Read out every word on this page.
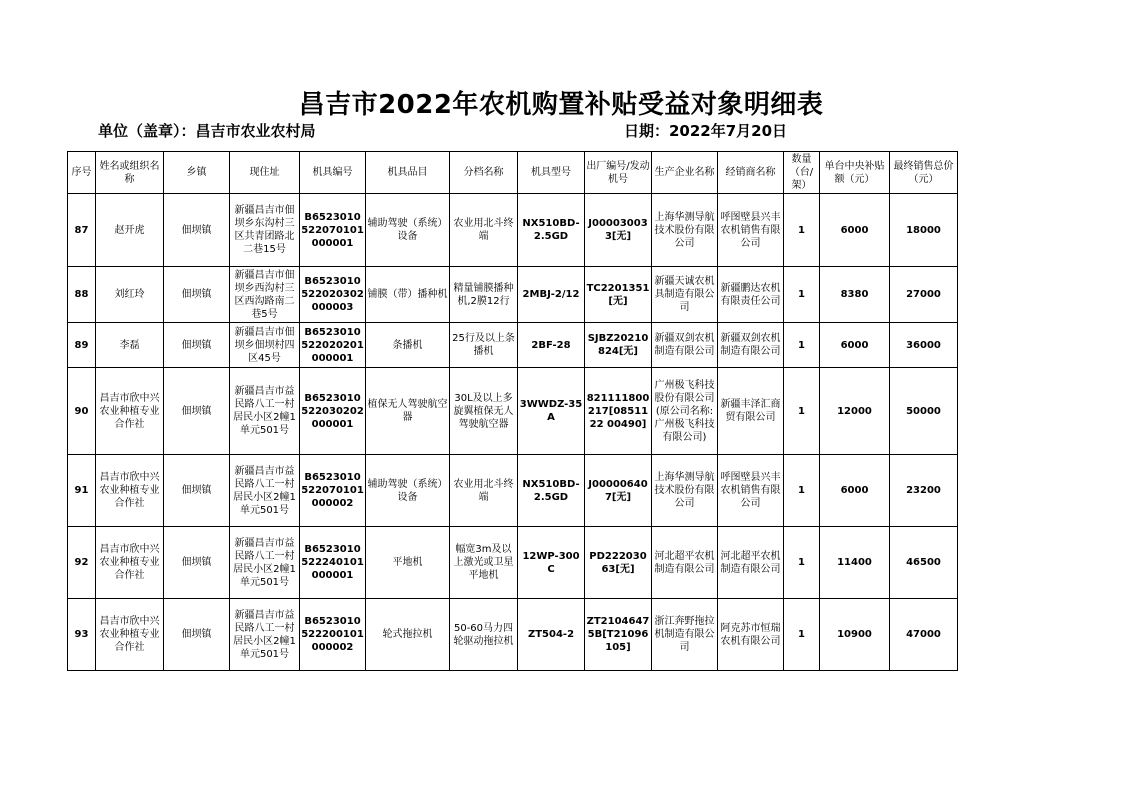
昌吉市2022年农机购置补贴受益对象明细表
单位（盖章）：昌吉市农业农村局	日期：2022年7月20日
序号	姓名或组织名称	乡镇	现住址	机具编号	机具品目	分档名称	机具型号	出厂编号/发动机号	生产企业名称	经销商名称	数量（台/架）	单台中央补贴额（元）	最终销售总价（元）
87	赵开虎	佃坝镇	新疆昌吉市佃坝乡东沟村三区共青团路北二巷15号	B6523010522070101000001	辅助驾驶（系统）设备	农业用北斗终端	NX510BD-2.5GD	J000030033[无]	上海华测导航技术股份有限公司	呼图壁县兴丰农机销售有限公司	1	6000	18000
88	刘红玲	佃坝镇	新疆昌吉市佃坝乡西沟村三区西沟路南二巷5号	B6523010522020302000003	铺膜（带）播种机	精量铺膜播种机,2膜12行	2MBJ-2/12	TC2201351[无]	新疆天诚农机具制造有限公司	新疆鹏达农机有限责任公司	1	8380	27000
89	李磊	佃坝镇	新疆昌吉市佃坝乡佃坝村四区45号	B6523010522020201000001	条播机	25行及以上条播机	2BF-28	SJBZ20210824[无]	新疆双剑农机制造有限公司	新疆双剑农机制造有限公司	1	6000	36000
90	昌吉市欣中兴农业种植专业合作社	佃坝镇	新疆昌吉市益民路八工一村居民小区2幢1单元501号	B6523010522030202000001	植保无人驾驶航空器	30L及以上多旋翼植保无人驾驶航空器	3WWDZ-35A	821111800217[0851122 00490]	广州极飞科技股份有限公司(原公司名称:广州极飞科技有限公司)	新疆丰泽汇商贸有限公司	1	12000	50000
91	昌吉市欣中兴农业种植专业合作社	佃坝镇	新疆昌吉市益民路八工一村居民小区2幢1单元501号	B6523010522070101000002	辅助驾驶（系统）设备	农业用北斗终端	NX510BD-2.5GD	J000006407[无]	上海华测导航技术股份有限公司	呼图壁县兴丰农机销售有限公司	1	6000	23200
92	昌吉市欣中兴农业种植专业合作社	佃坝镇	新疆昌吉市益民路八工一村居民小区2幢1单元501号	B6523010522240101000001	平地机	幅宽3m及以上激光或卫星平地机	12WP-300C	PD22203063[无]	河北超平农机制造有限公司	河北超平农机制造有限公司	1	11400	46500
93	昌吉市欣中兴农业种植专业合作社	佃坝镇	新疆昌吉市益民路八工一村居民小区2幢1单元501号	B6523010522200101000002	轮式拖拉机	50-60马力四轮驱动拖拉机	ZT504-2	ZT21046475B[T21096105]	浙江奔野拖拉机制造有限公司	阿克苏市恒瑞农机有限公司	1	10900	47000
